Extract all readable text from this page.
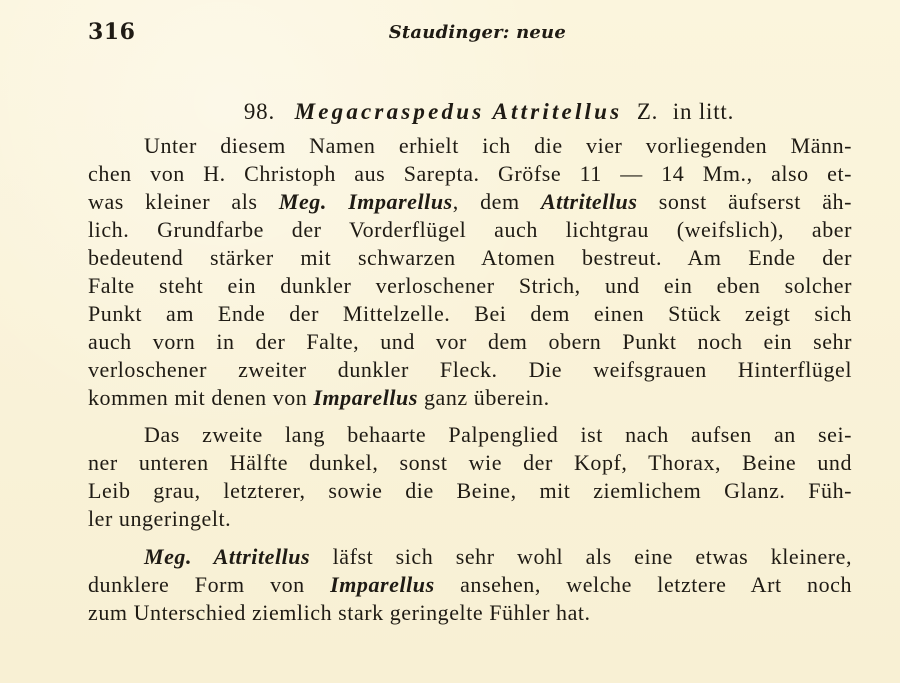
316	Staudinger: neue
98. Megacraspedus Attritellus Z. in litt.
Unter diesem Namen erhielt ich die vier vorliegenden Männ-
chen von H. Christoph aus Sarepta. Gröfse 11 — 14 Mm., also et-
was kleiner als Meg. Imparellus, dem Attritellus sonst äufserst äh-
lich. Grundfarbe der Vorderflügel auch lichtgrau (weifslich), aber
bedeutend stärker mit schwarzen Atomen bestreut. Am Ende der
Falte steht ein dunkler verloschener Strich, und ein eben solcher
Punkt am Ende der Mittelzelle. Bei dem einen Stück zeigt sich
auch vorn in der Falte, und vor dem obern Punkt noch ein sehr
verloschener zweiter dunkler Fleck. Die weifsgrauen Hinterflügel
kommen mit denen von Imparellus ganz überein.
Das zweite lang behaarte Palpenglied ist nach aufsen an sei-
ner unteren Hälfte dunkel, sonst wie der Kopf, Thorax, Beine und
Leib grau, letzterer, sowie die Beine, mit ziemlichem Glanz. Füh-
ler ungeringelt.
Meg. Attritellus läfst sich sehr wohl als eine etwas kleinere,
dunklere Form von Imparellus ansehen, welche letztere Art noch
zum Unterschied ziemlich stark geringelte Fühler hat.
